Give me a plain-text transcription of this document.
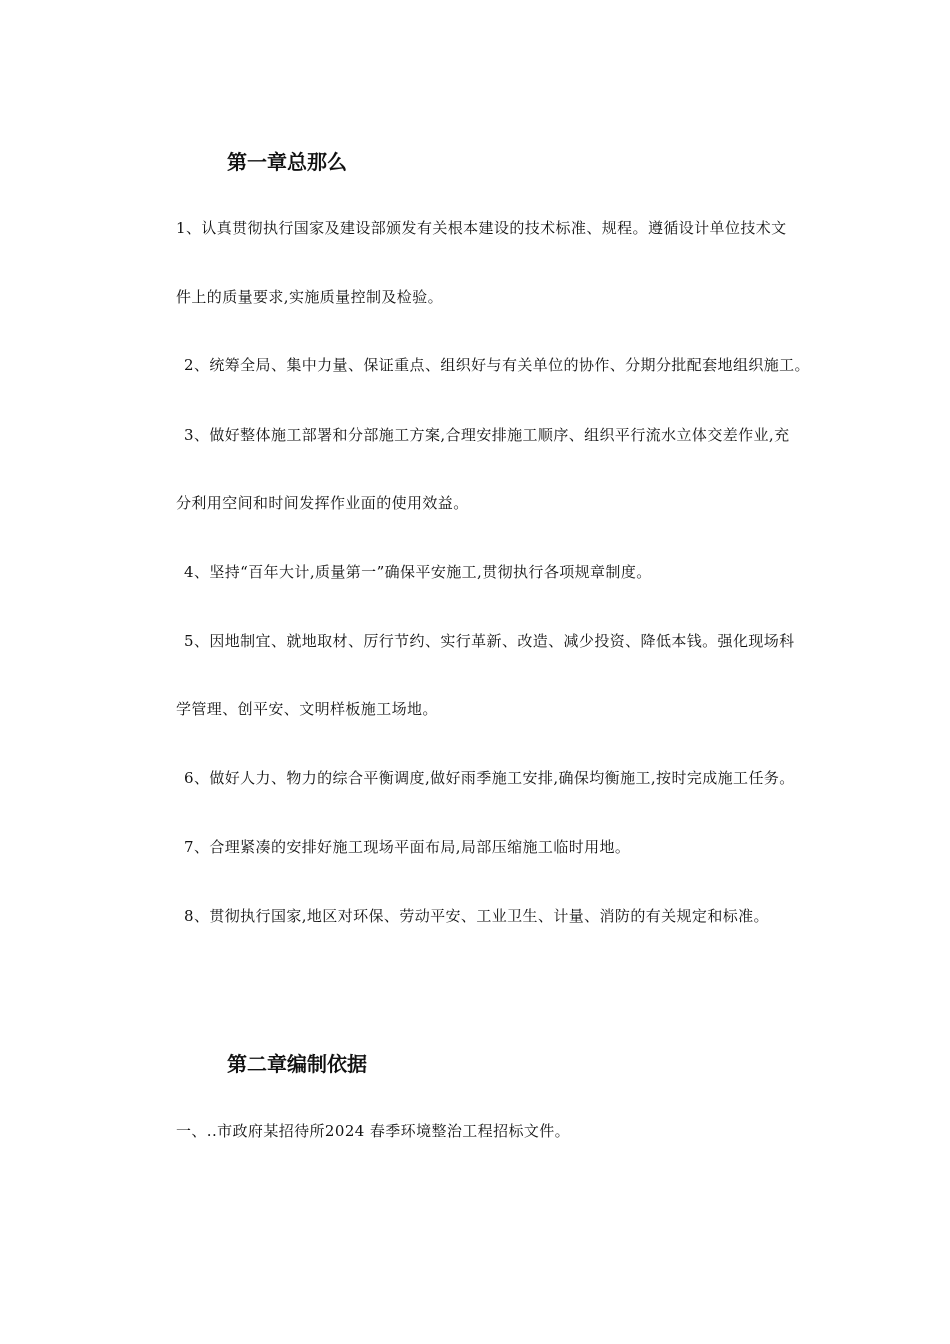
第一章总那么
1、认真贯彻执行国家及建设部颁发有关根本建设的技术标准、规程。遵循设计单位技术文
件上的质量要求,实施质量控制及检验。
2、统筹全局、集中力量、保证重点、组织好与有关单位的协作、分期分批配套地组织施工。
3、做好整体施工部署和分部施工方案,合理安排施工顺序、组织平行流水立体交差作业,充
分利用空间和时间发挥作业面的使用效益。
4、坚持“百年大计,质量第一”确保平安施工,贯彻执行各项规章制度。
5、因地制宜、就地取材、厉行节约、实行革新、改造、减少投资、降低本钱。强化现场科
学管理、创平安、文明样板施工场地。
6、做好人力、物力的综合平衡调度,做好雨季施工安排,确保均衡施工,按时完成施工任务。
7、合理紧凑的安排好施工现场平面布局,局部压缩施工临时用地。
8、贯彻执行国家,地区对环保、劳动平安、工业卫生、计量、消防的有关规定和标准。
第二章编制依据
一、..市政府某招待所2024 春季环境整治工程招标文件。
